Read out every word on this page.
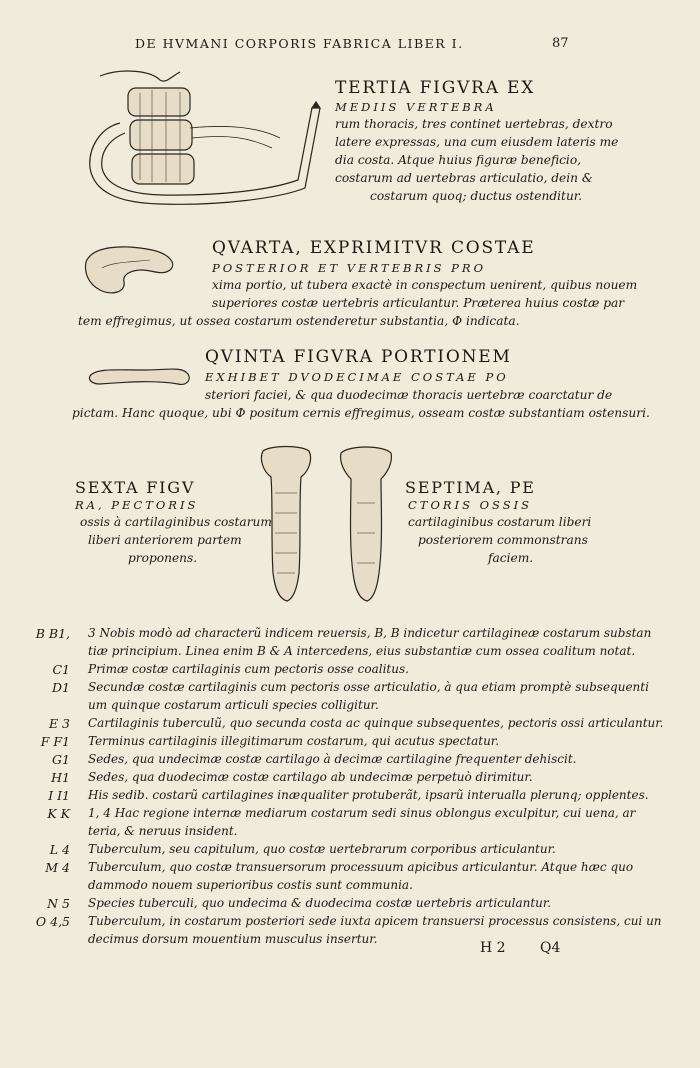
DE HVMANI CORPORIS FABRICA LIBER I.	87
TERTIA FIGVRA EX
MEDIIS VERTEBRA
rum thoracis, tres continet uertebras, dextro
latere expressas, una cum eiusdem lateris me
dia costa. Atque huius figuræ beneficio,
costarum ad uertebras articulatio, dein &
costarum quoq; ductus ostenditur.
QVARTA, EXPRIMITVR COSTAE
POSTERIOR ET VERTEBRIS PRO
xima portio, ut tubera exactè in conspectum uenirent, quibus nouem
superiores costæ uertebris articulantur. Præterea huius costæ par
tem effregimus, ut ossea costarum ostenderetur substantia, Φ indicata.
QVINTA FIGVRA PORTIONEM
EXHIBET DVODECIMAE COSTAE PO
steriori faciei, & qua duodecimæ thoracis uertebræ coarctatur de
pictam. Hanc quoque, ubi Φ positum cernis effregimus, osseam costæ substantiam ostensuri.
SEXTA FIGV
RA, PECTORIS
ossis à cartilaginibus costarum
liberi anteriorem partem
proponens.
SEPTIMA, PE
CTORIS OSSIS
cartilaginibus costarum liberi
posteriorem commonstrans
faciem.
B B1, 3 Nobis modò ad characterũ indicem reuersis, B, B indicetur cartilagineæ costarum substan
tiæ principium. Linea enim B & A intercedens, eius substantiæ cum ossea coalitum notat.
C1 Primæ costæ cartilaginis cum pectoris osse coalitus.
D1 Secundæ costæ cartilaginis cum pectoris osse articulatio, à qua etiam promptè subsequenti
um quinque costarum articuli species colligitur.
E 3 Cartilaginis tuberculũ, quo secunda costa ac quinque subsequentes, pectoris ossi articulantur.
F F1 Terminus cartilaginis illegitimarum costarum, qui acutus spectatur.
G1 Sedes, qua undecimæ costæ cartilago à decimæ cartilagine frequenter dehiscit.
H1 Sedes, qua duodecimæ costæ cartilago ab undecimæ perpetuò dirimitur.
I I1 His sedib. costarũ cartilagines inæqualiter protuberãt, ipsarũ interualla plerunq; opplentes.
K K 1, 4 Hac regione internæ mediarum costarum sedi sinus oblongus exculpitur, cui uena, ar
teria, & neruus insident.
L 4 Tuberculum, seu capitulum, quo costæ uertebrarum corporibus articulantur.
M 4 Tuberculum, quo costæ transuersorum processuum apicibus articulantur. Atque hæc quo
dammodo nouem superioribus costis sunt communia.
N 5 Species tuberculi, quo undecima & duodecima costæ uertebris articulantur.
O 4,5 Tuberculum, in costarum posteriori sede iuxta apicem transuersi processus consistens, cui un
decimus dorsum mouentium musculus insertur.
H 2 Q4
